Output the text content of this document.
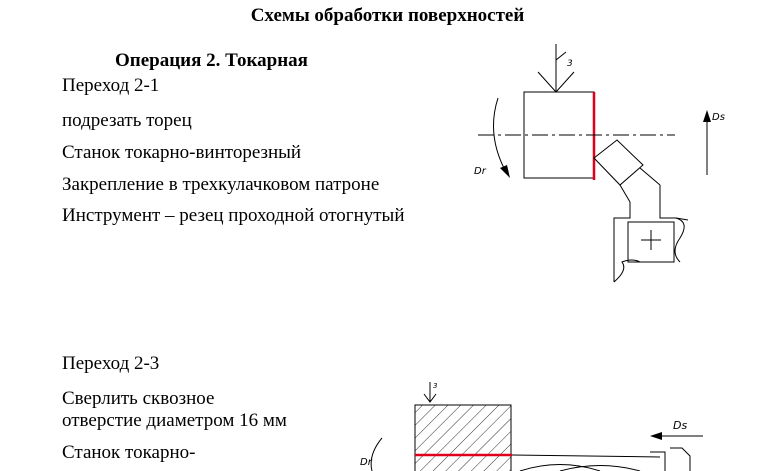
Схемы обработки поверхностей
Операция 2. Токарная
Переход 2-1
подрезать торец
Станок токарно-винторезный
Закрепление в трехкулачковом патроне
Инструмент – резец проходной отогнутый
Переход 2-3
Сверлить сквозное
отверстие диаметром 16 мм
Станок токарно-
3
Dr
Ds
3
Dr
Ds
